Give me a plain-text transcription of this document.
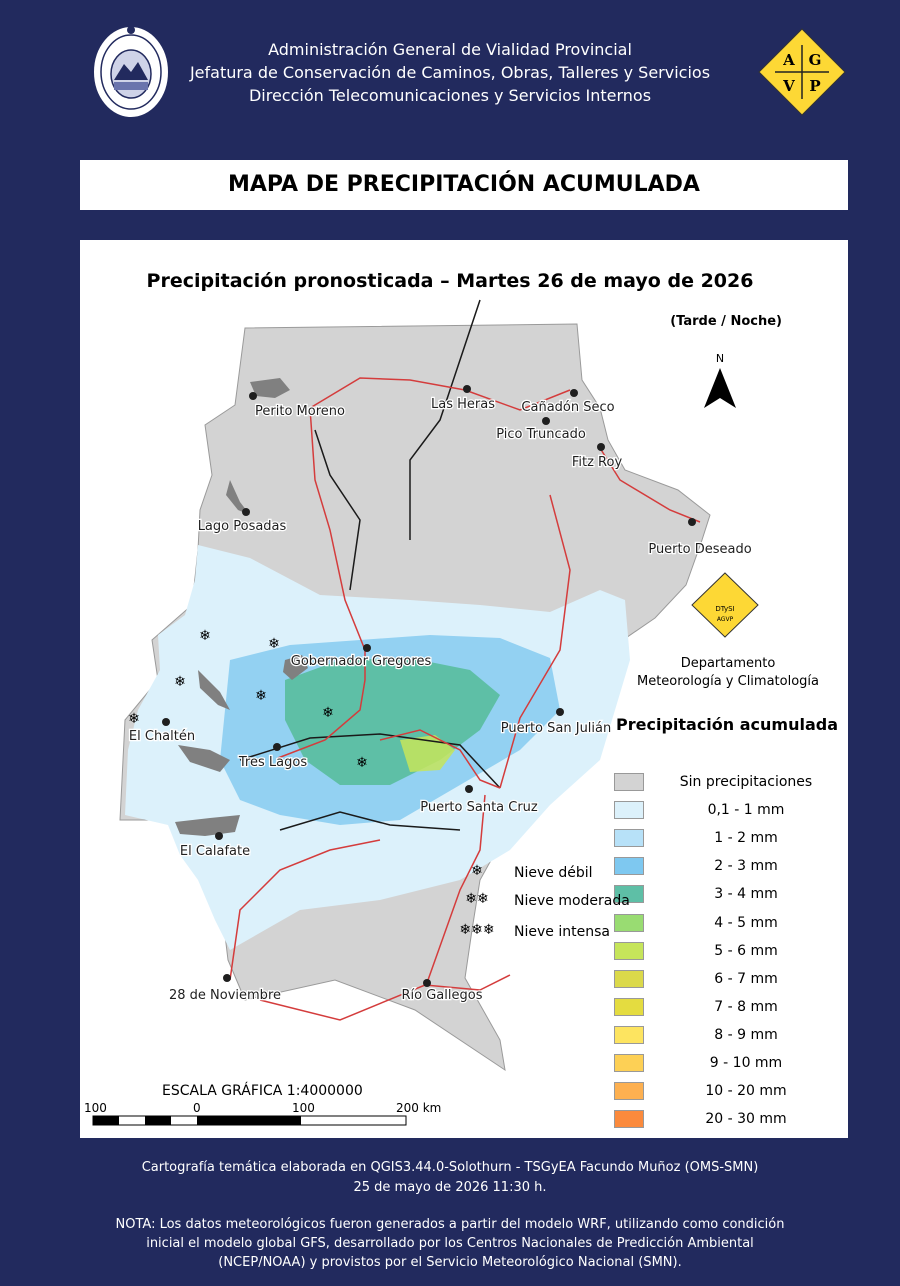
Administración General de Vialidad Provincial
Jefatura de Conservación de Caminos, Obras, Talleres y Servicios
Dirección Telecomunicaciones y Servicios Internos
A G
V P
MAPA DE PRECIPITACIÓN ACUMULADA
DTySI
AGVP
N
❄	❄
❄
❄
❄
❄
❄
Perito Moreno	Las Heras Cañadón Seco
Pico Truncado
Fitz Roy
Lago Posadas
Puerto Deseado
Gobernador Gregores
Puerto San Julián
El Chaltén
Tres Lagos
Puerto Santa Cruz
El Calafate
28 de Noviembre	Río Gallegos
Precipitación pronosticada – Martes 26 de mayo de 2026
(Tarde / Noche)
Departamento
Meteorología y Climatología
Precipitación acumulada
Sin precipitaciones
0,1 - 1 mm
1 - 2 mm
2 - 3 mm
3 - 4 mm
4 - 5 mm
5 - 6 mm
6 - 7 mm
7 - 8 mm
8 - 9 mm
9 - 10 mm
10 - 20 mm
20 - 30 mm
❄	Nieve débil
❄❄	Nieve moderada
❄❄❄ Nieve intensa
ESCALA GRÁFICA 1:4000000
100	0	100	200 km
Cartografía temática elaborada en QGIS3.44.0-Solothurn - TSGyEA Facundo Muñoz (OMS-SMN)
25 de mayo de 2026 11:30 h.
NOTA: Los datos meteorológicos fueron generados a partir del modelo WRF, utilizando como condición
inicial el modelo global GFS, desarrollado por los Centros Nacionales de Predicción Ambiental
(NCEP/NOAA) y provistos por el Servicio Meteorológico Nacional (SMN).
